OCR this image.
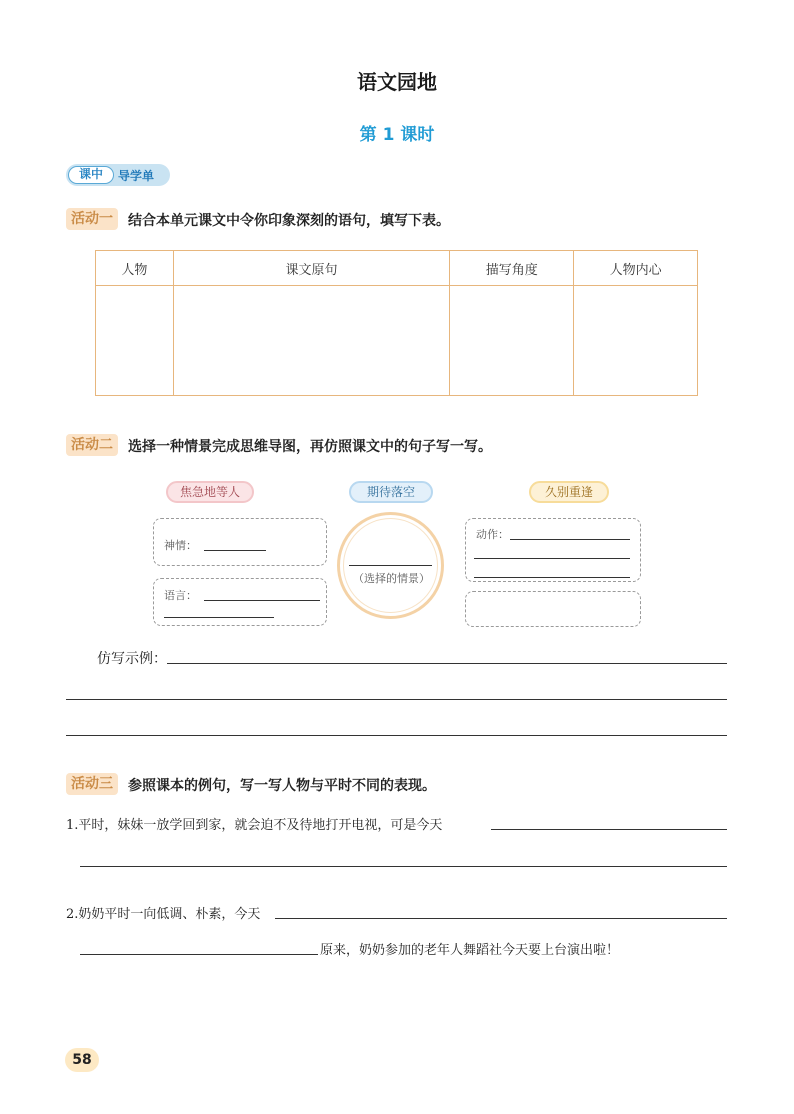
语文园地
第 1 课时
课中	导学单
活动一	结合本单元课文中令你印象深刻的语句，填写下表。
人物	课文原句	描写角度	人物内心

活动二	选择一种情景完成思维导图，再仿照课文中的句子写一写。
焦急地等人	期待落空	久别重逢
神情：
语言：
（选择的情景）
动作：
仿写示例：
活动三	参照课本的例句，写一写人物与平时不同的表现。
1.平时，妹妹一放学回到家，就会迫不及待地打开电视，可是今天
2.奶奶平时一向低调、朴素，今天
原来，奶奶参加的老年人舞蹈社今天要上台演出啦！
58
